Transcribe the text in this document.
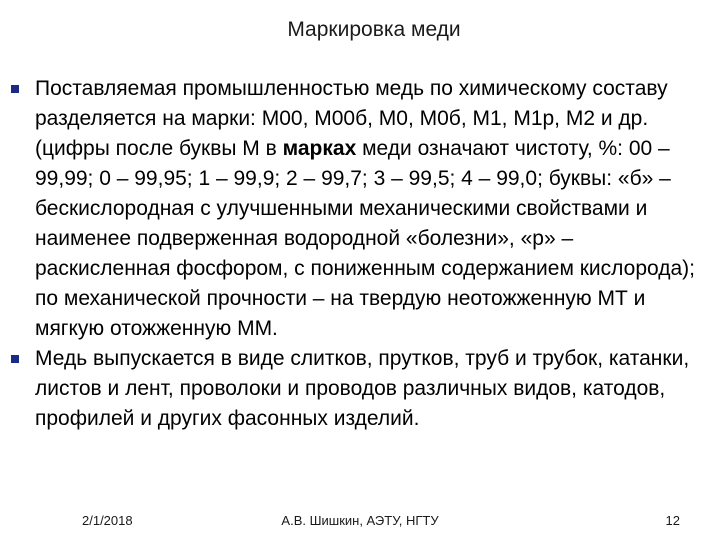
Маркировка меди
Поставляемая промышленностью медь по химическому составу разделяется на марки: М00, М00б, М0, М0б, М1, М1р, М2 и др. (цифры после буквы М в марках меди означают чистоту, %: 00 – 99,99; 0 – 99,95; 1 – 99,9; 2 – 99,7; 3 – 99,5; 4 – 99,0; буквы: «б» – бескислородная с улучшенными механическими свойствами и наименее подверженная водородной «болезни», «р» – раскисленная фосфором, с пониженным содержанием кислорода); по механической прочности – на твердую неотожженную МТ и мягкую отожженную ММ.
Медь выпускается в виде слитков, прутков, труб и трубок, катанки, листов и лент, проволоки и проводов различных видов, катодов, профилей и других фасонных изделий.
А.В. Шишкин, АЭТУ, НГТУ
2/1/2018	12
